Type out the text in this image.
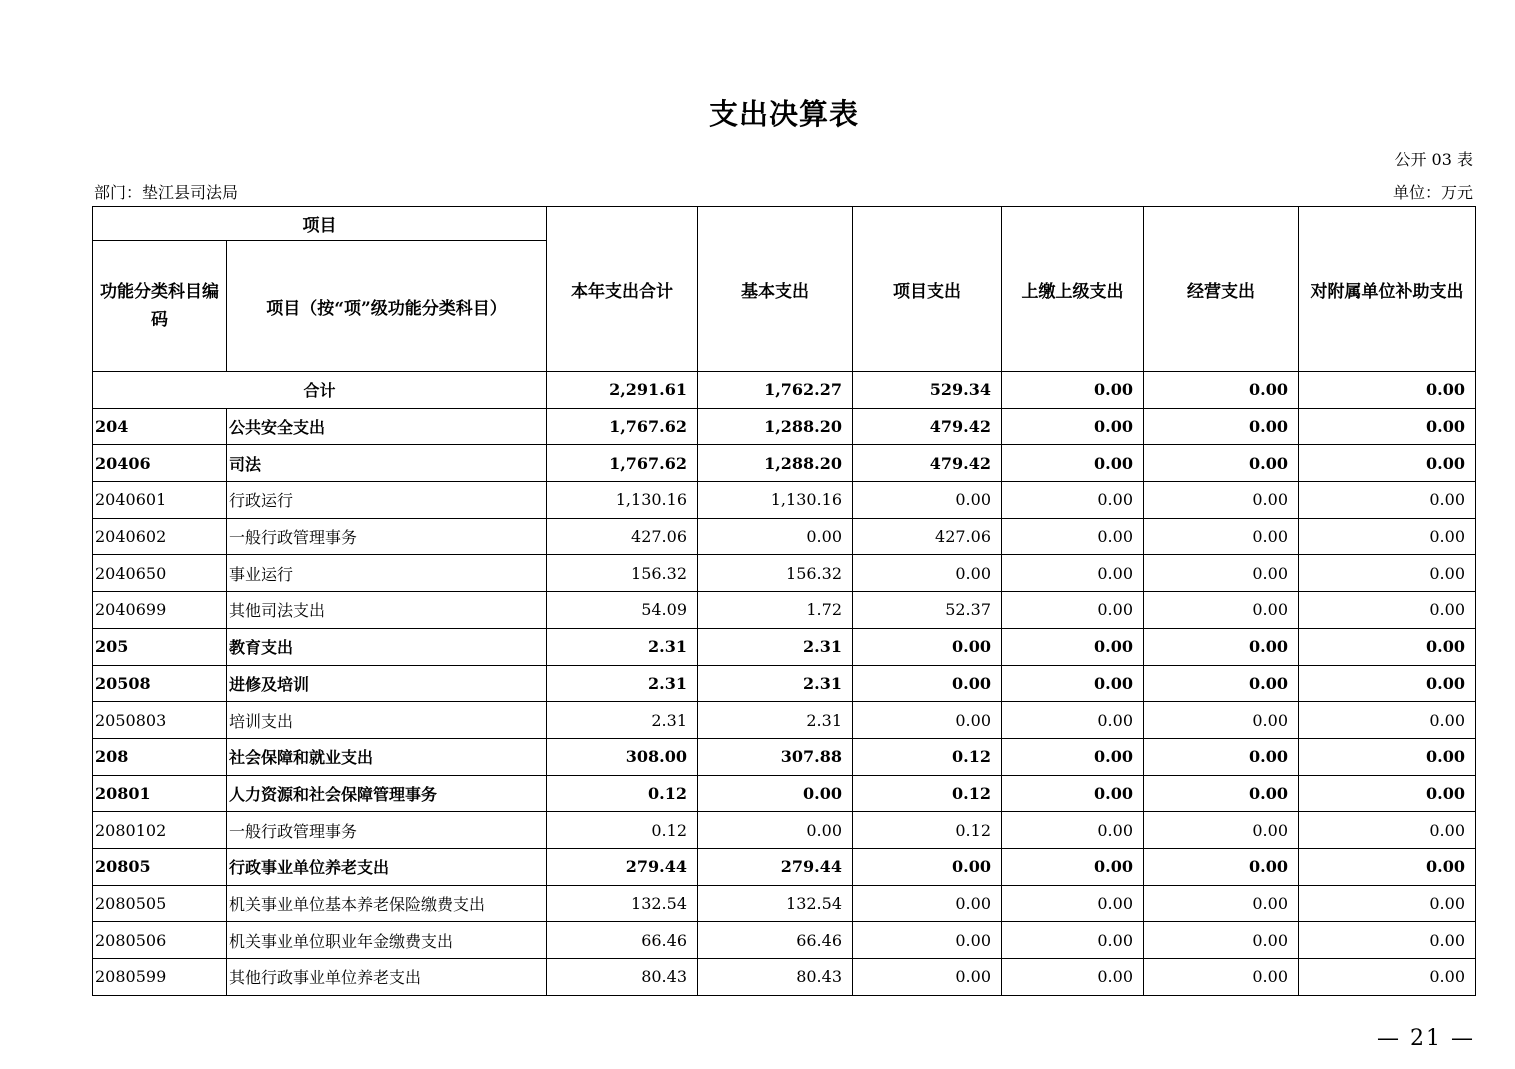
支出决算表
公开 03 表
部门：垫江县司法局	单位：万元
项目		本年支出合计	基本支出	项目支出	上缴上级支出	经营支出	对附属单位补助支出
功能分类科目编码	项目（按“项”级功能分类科目）						
合计		2,291.61	1,762.27	529.34	0.00	0.00	0.00
204	公共安全支出	1,767.62	1,288.20	479.42	0.00	0.00	0.00
20406	司法	1,767.62	1,288.20	479.42	0.00	0.00	0.00
2040601	行政运行	1,130.16	1,130.16	0.00	0.00	0.00	0.00
2040602	一般行政管理事务	427.06	0.00	427.06	0.00	0.00	0.00
2040650	事业运行	156.32	156.32	0.00	0.00	0.00	0.00
2040699	其他司法支出	54.09	1.72	52.37	0.00	0.00	0.00
205	教育支出	2.31	2.31	0.00	0.00	0.00	0.00
20508	进修及培训	2.31	2.31	0.00	0.00	0.00	0.00
2050803	培训支出	2.31	2.31	0.00	0.00	0.00	0.00
208	社会保障和就业支出	308.00	307.88	0.12	0.00	0.00	0.00
20801	人力资源和社会保障管理事务	0.12	0.00	0.12	0.00	0.00	0.00
2080102	一般行政管理事务	0.12	0.00	0.12	0.00	0.00	0.00
20805	行政事业单位养老支出	279.44	279.44	0.00	0.00	0.00	0.00
2080505	机关事业单位基本养老保险缴费支出	132.54	132.54	0.00	0.00	0.00	0.00
2080506	机关事业单位职业年金缴费支出	66.46	66.46	0.00	0.00	0.00	0.00
2080599	其他行政事业单位养老支出	80.43	80.43	0.00	0.00	0.00	0.00
— 21 —
